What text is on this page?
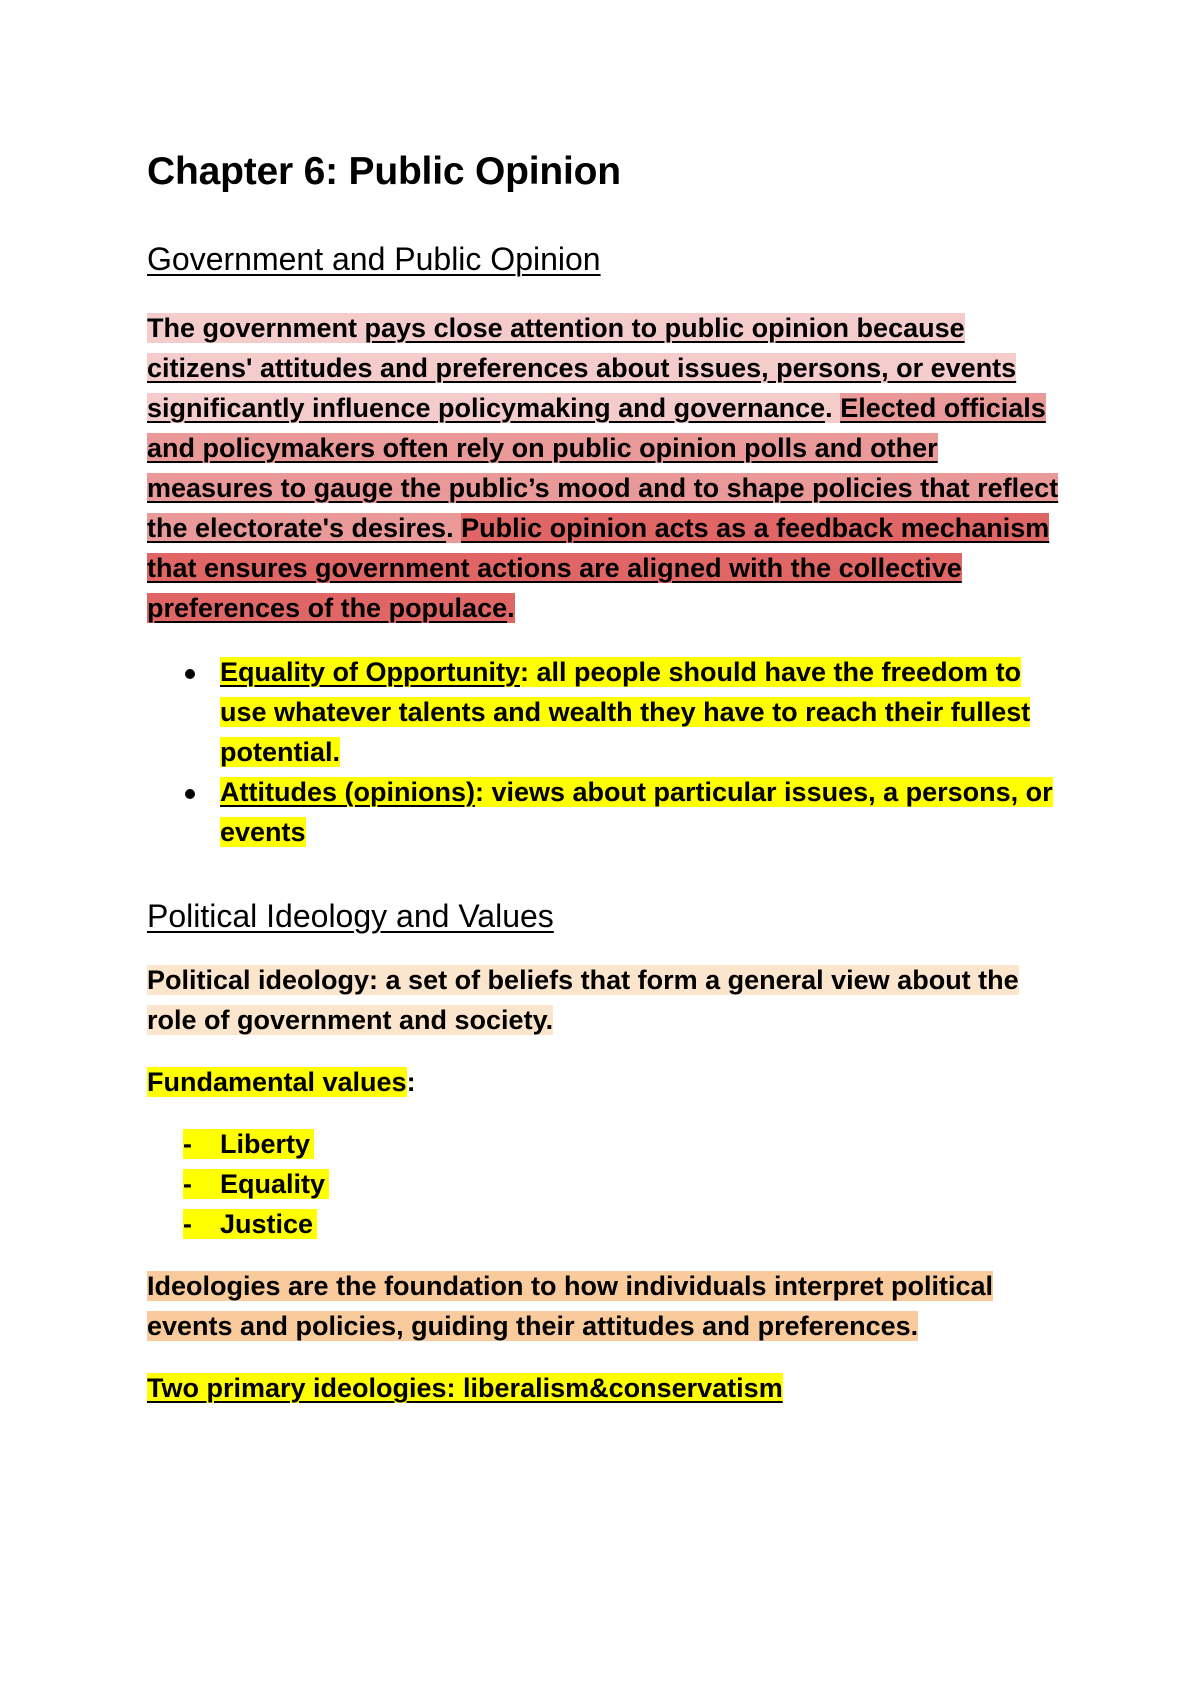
Chapter 6: Public Opinion
Government and Public Opinion

The government pays close attention to public opinion because citizens' attitudes and preferences about issues, persons, or events significantly influence policymaking and governance. Elected officials and policymakers often rely on public opinion polls and other measures to gauge the public’s mood and to shape policies that reflect the electorate's desires. Public opinion acts as a feedback mechanism that ensures government actions are aligned with the collective preferences of the populace.

Equality of Opportunity: all people should have the freedom to use whatever talents and wealth they have to reach their fullest potential.
Attitudes (opinions): views about particular issues, a persons, or events
Political Ideology and Values

Political ideology: a set of beliefs that form a general view about the role of government and society.

Fundamental values:

- Liberty
- Equality
- Justice

Ideologies are the foundation to how individuals interpret political events and policies, guiding their attitudes and preferences.

Two primary ideologies: liberalism&conservatism
